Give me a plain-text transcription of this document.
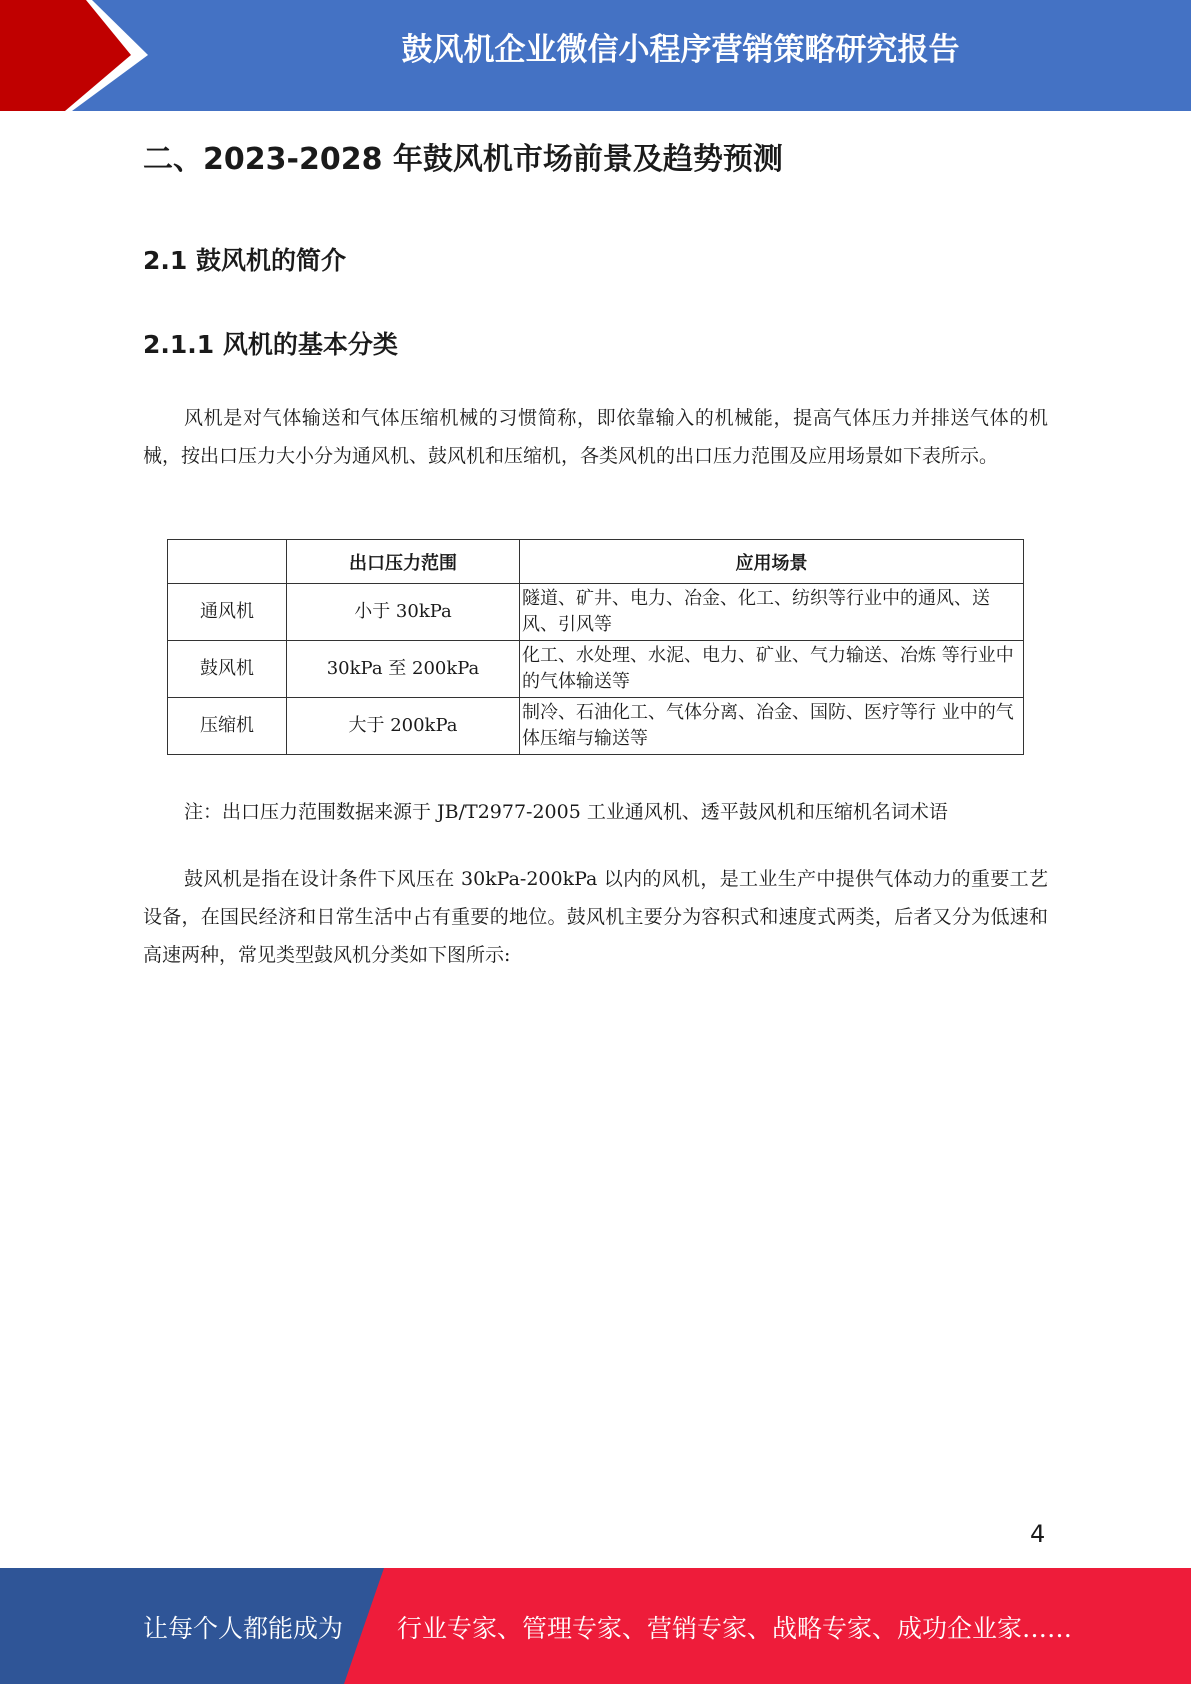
鼓风机企业微信小程序营销策略研究报告
二、2023-2028 年鼓风机市场前景及趋势预测
2.1 鼓风机的简介
2.1.1 风机的基本分类

风机是对气体输送和气体压缩机械的习惯简称，即依靠输入的机械能，提高气体压力并排送气体的机械，按出口压力大小分为通风机、鼓风机和压缩机，各类风机的出口压力范围及应用场景如下表所示。

	出口压力范围	应用场景
通风机	小于 30kPa	隧道、矿井、电力、冶金、化工、纺织等行业中的通风、送风、引风等
鼓风机	30kPa 至 200kPa	化工、水处理、水泥、电力、矿业、气力输送、冶炼 等行业中的气体输送等
压缩机	大于 200kPa	制冷、石油化工、气体分离、冶金、国防、医疗等行 业中的气体压缩与输送等
注：出口压力范围数据来源于 JB/T2977-2005 工业通风机、透平鼓风机和压缩机名词术语

鼓风机是指在设计条件下风压在 30kPa-200kPa 以内的风机，是工业生产中提供气体动力的重要工艺设备，在国民经济和日常生活中占有重要的地位。鼓风机主要分为容积式和速度式两类，后者又分为低速和高速两种，常见类型鼓风机分类如下图所示:

4
让每个人都能成为 行业专家、管理专家、营销专家、战略专家、成功企业家……
